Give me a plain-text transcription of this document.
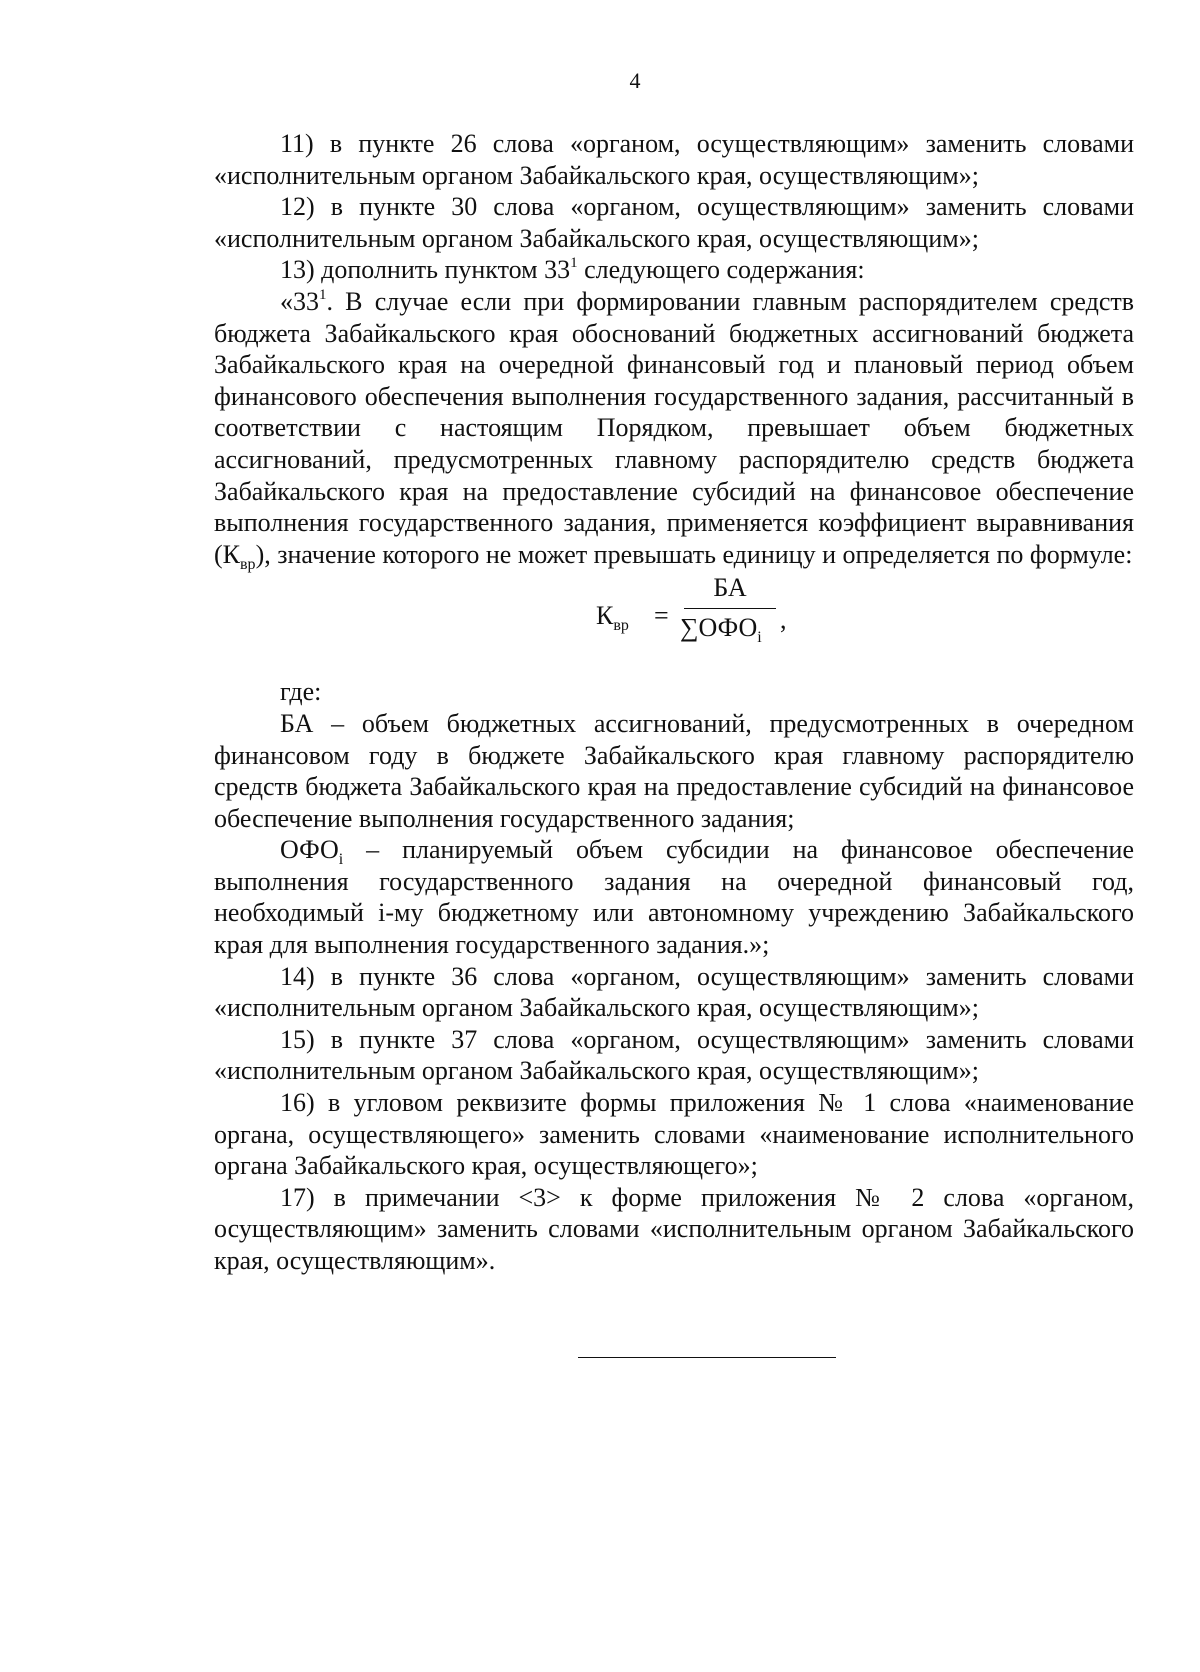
4

11) в пункте 26 слова «органом, осуществляющим» заменить словами «исполнительным органом Забайкальского края, осуществляющим»;

12) в пункте 30 слова «органом, осуществляющим» заменить словами «исполнительным органом Забайкальского края, осуществляющим»;

13) дополнить пунктом $33^1$ следующего содержания:

«$33^1$. В случае если при формировании главным распорядителем средств бюджета Забайкальского края обоснований бюджетных ассигнований бюджета Забайкальского края на очередной финансовый год и плановый период объем финансового обеспечения выполнения государственного задания, рассчитанный в соответствии с настоящим Порядком, превышает объем бюджетных ассигнований, предусмотренных главному распорядителю средств бюджета Забайкальского края на предоставление субсидий на финансовое обеспечение выполнения государственного задания, применяется коэффициент выравнивания $(К_{вр})$, значение которого не может превышать единицу и определяется по формуле:

$К_{вр}$ =
БА
$\sum ОФО_i$
,

где:

БА – объем бюджетных ассигнований, предусмотренных в очередном финансовом году в бюджете Забайкальского края главному распорядителю средств бюджета Забайкальского края на предоставление субсидий на финансовое обеспечение выполнения государственного задания;

$ОФО_i$ – планируемый объем субсидии на финансовое обеспечение выполнения государственного задания на очередной финансовый год, необходимый i-му бюджетному или автономному учреждению Забайкальского края для выполнения государственного задания.»;

14) в пункте 36 слова «органом, осуществляющим» заменить словами «исполнительным органом Забайкальского края, осуществляющим»;

15) в пункте 37 слова «органом, осуществляющим» заменить словами «исполнительным органом Забайкальского края, осуществляющим»;

16) в угловом реквизите формы приложения № 1 слова «наименование органа, осуществляющего» заменить словами «наименование исполнительного органа Забайкальского края, осуществляющего»;

17) в примечании <3> к форме приложения № 2 слова «органом, осуществляющим» заменить словами «исполнительным органом Забайкальского края, осуществляющим».
